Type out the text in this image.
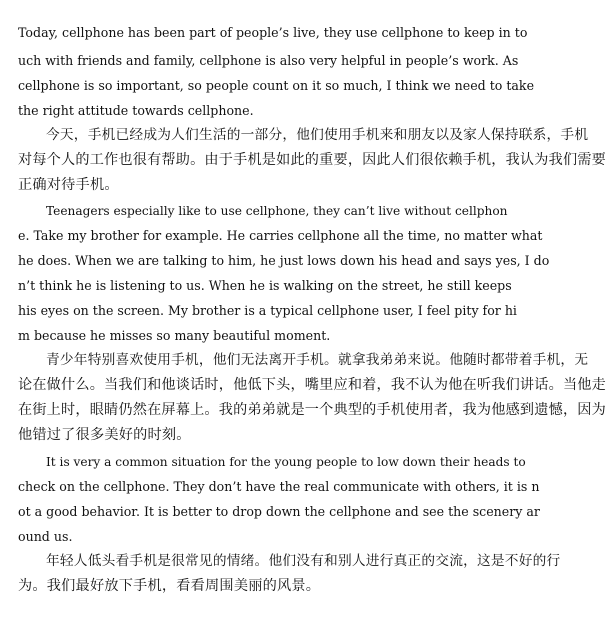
Today, cellphone has been part of people’s live, they use cellphone to keep in to
uch with friends and family, cellphone is also very helpful in people’s work. As
cellphone is so important, so people count on it so much, I think we need to take
the right attitude towards cellphone.
今天，手机已经成为人们生活的一部分，他们使用手机来和朋友以及家人保持联系，手机
对每个人的工作也很有帮助。由于手机是如此的重要，因此人们很依赖手机，我认为我们需要
正确对待手机。
Teenagers especially like to use cellphone, they can’t live without cellphon
e. Take my brother for example. He carries cellphone all the time, no matter what
he does. When we are talking to him, he just lows down his head and says yes, I do
n’t think he is listening to us. When he is walking on the street, he still keeps
his eyes on the screen. My brother is a typical cellphone user, I feel pity for hi
m because he misses so many beautiful moment.
青少年特别喜欢使用手机，他们无法离开手机。就拿我弟弟来说。他随时都带着手机，无
论在做什么。当我们和他谈话时，他低下头，嘴里应和着，我不认为他在听我们讲话。当他走
在街上时，眼睛仍然在屏幕上。我的弟弟就是一个典型的手机使用者，我为他感到遗憾，因为
他错过了很多美好的时刻。
It is very a common situation for the young people to low down their heads to
check on the cellphone. They don’t have the real communicate with others, it is n
ot a good behavior. It is better to drop down the cellphone and see the scenery ar
ound us.
年轻人低头看手机是很常见的情绪。他们没有和别人进行真正的交流，这是不好的行
为。我们最好放下手机，看看周围美丽的风景。
